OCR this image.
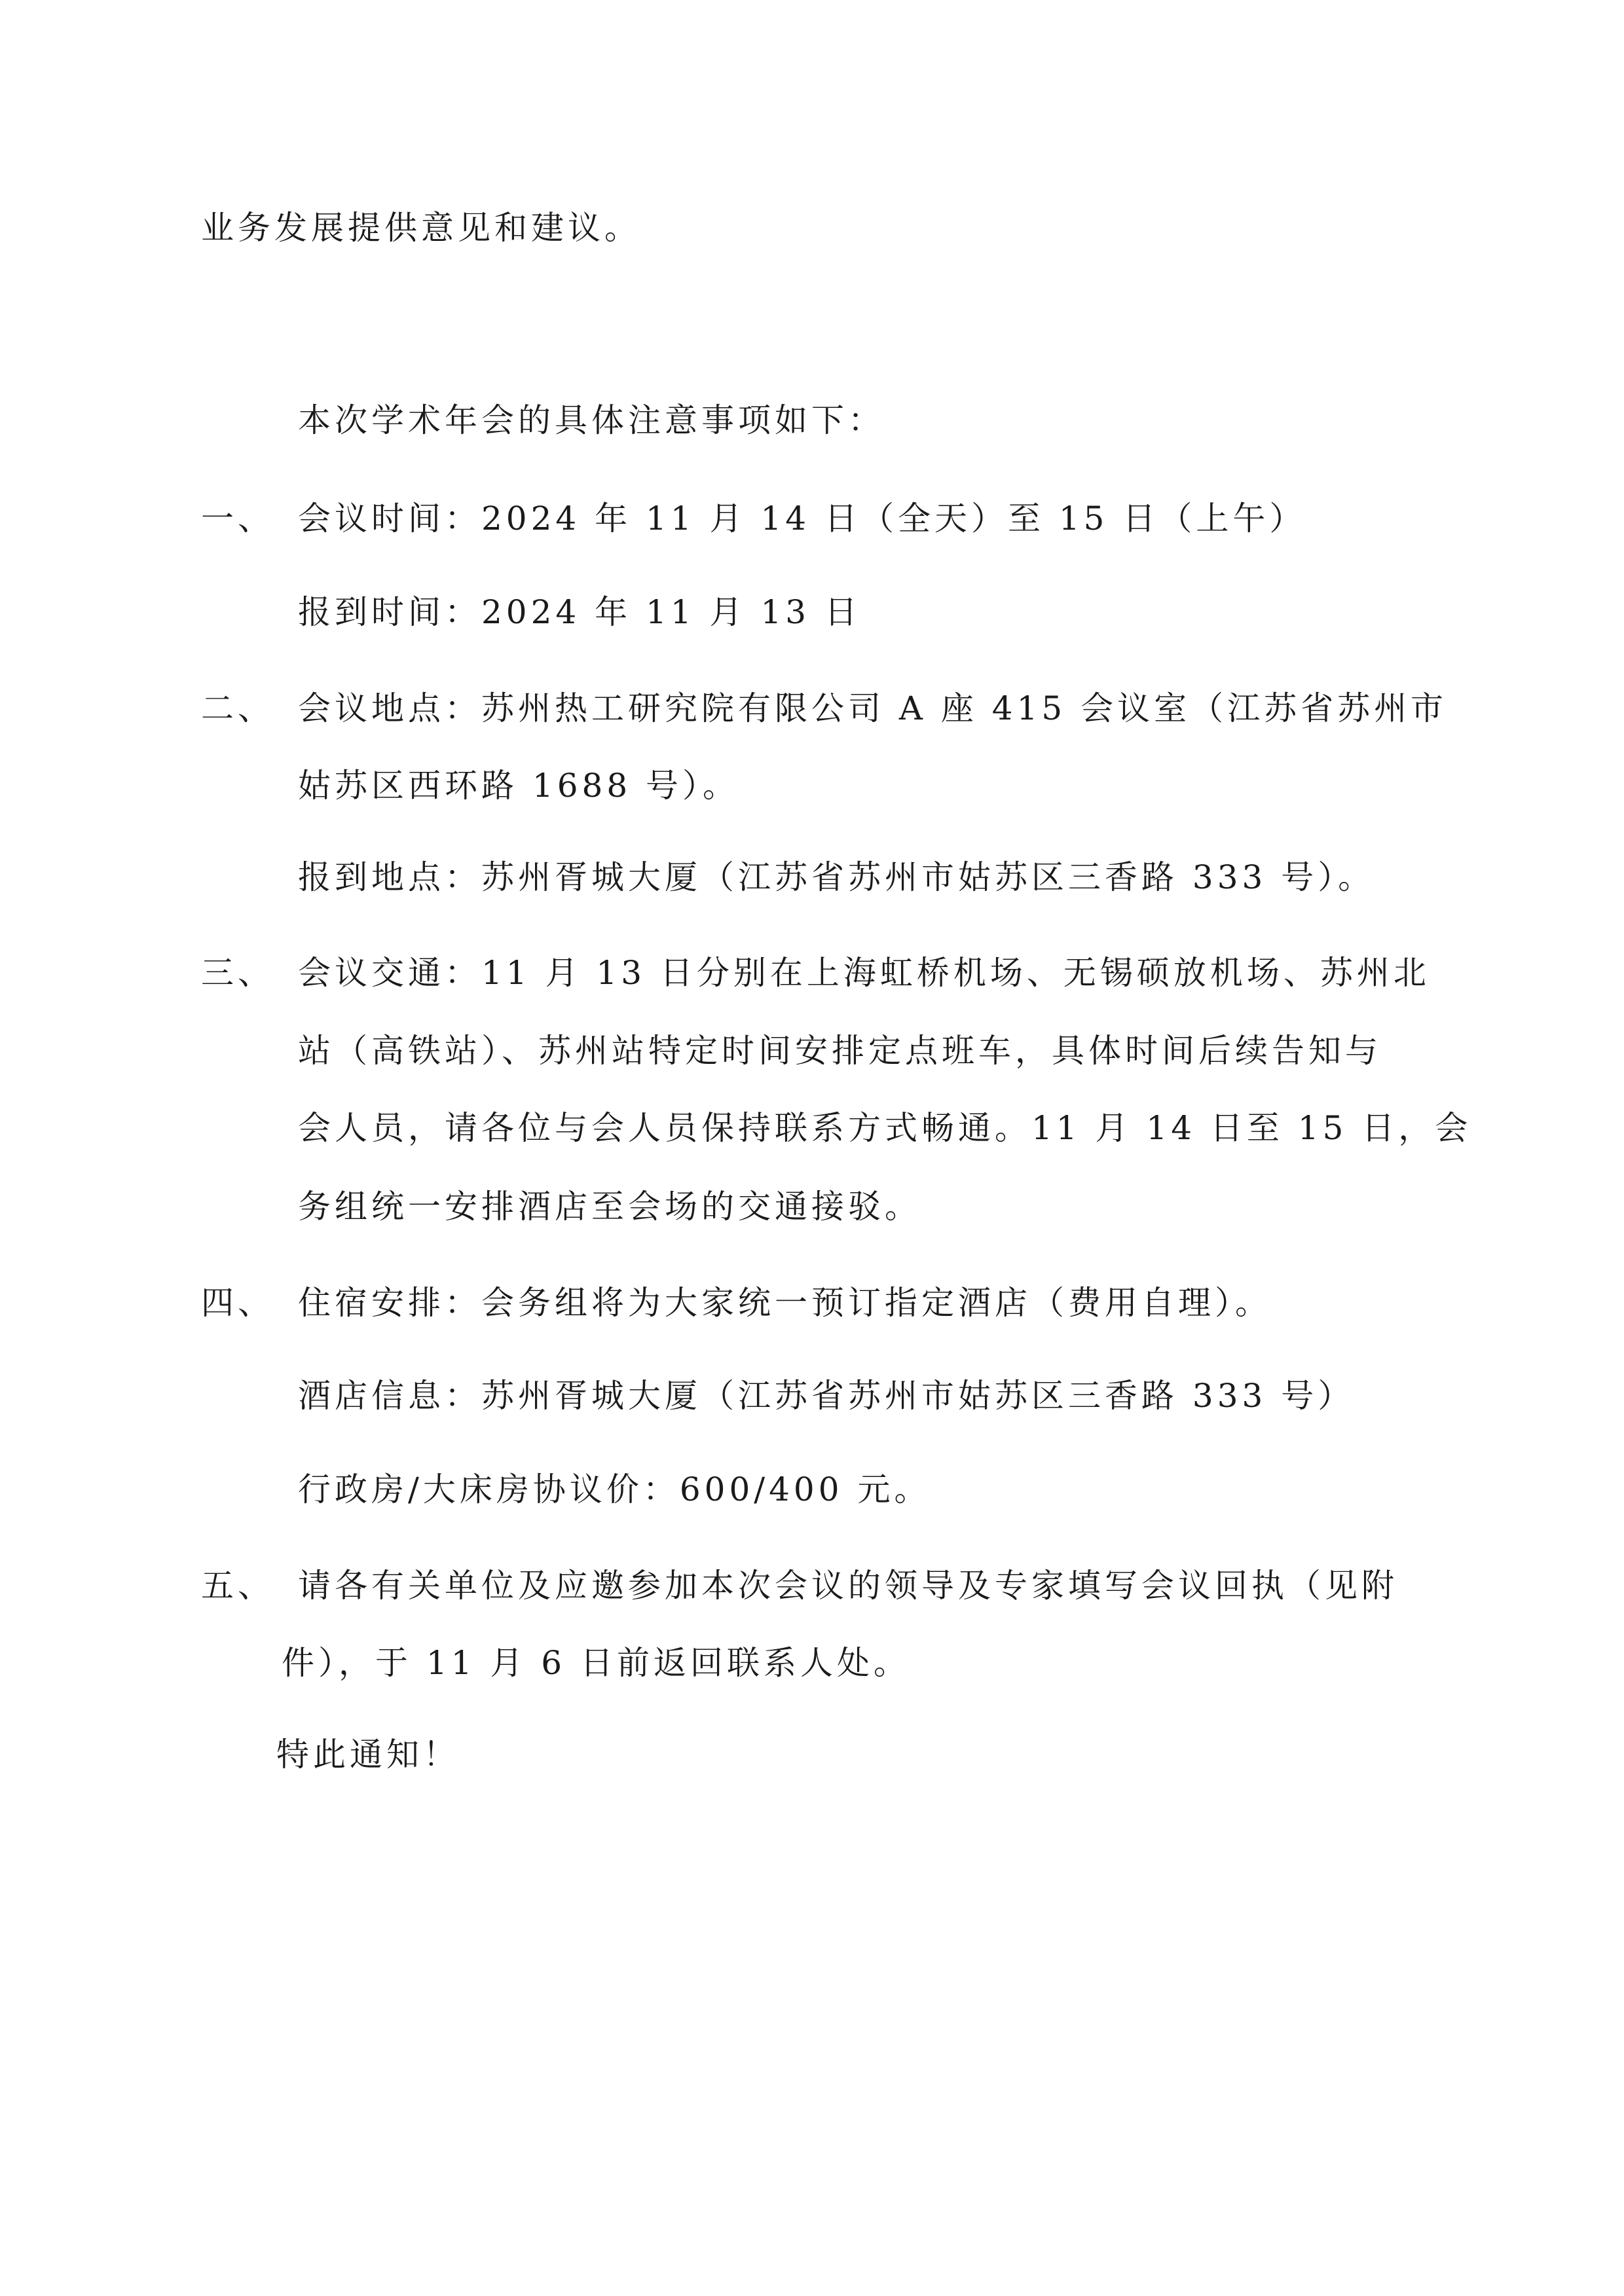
业务发展提供意见和建议。
本次学术年会的具体注意事项如下：
一、 会议时间：2024 年 11 月 14 日（全天）至 15 日（上午）
报到时间：2024 年 11 月 13 日
二、 会议地点：苏州热工研究院有限公司 A 座 415 会议室（江苏省苏州市
姑苏区西环路 1688 号）。
报到地点：苏州胥城大厦（江苏省苏州市姑苏区三香路 333 号）。
三、 会议交通：11 月 13 日分别在上海虹桥机场、无锡硕放机场、苏州北
站（高铁站）、苏州站特定时间安排定点班车，具体时间后续告知与
会人员，请各位与会人员保持联系方式畅通。11 月 14 日至 15 日，会
务组统一安排酒店至会场的交通接驳。
四、 住宿安排：会务组将为大家统一预订指定酒店（费用自理）。
酒店信息：苏州胥城大厦（江苏省苏州市姑苏区三香路 333 号）
行政房/大床房协议价：600/400 元。
五、 请各有关单位及应邀参加本次会议的领导及专家填写会议回执（见附
件），于 11 月 6 日前返回联系人处。
特此通知！
